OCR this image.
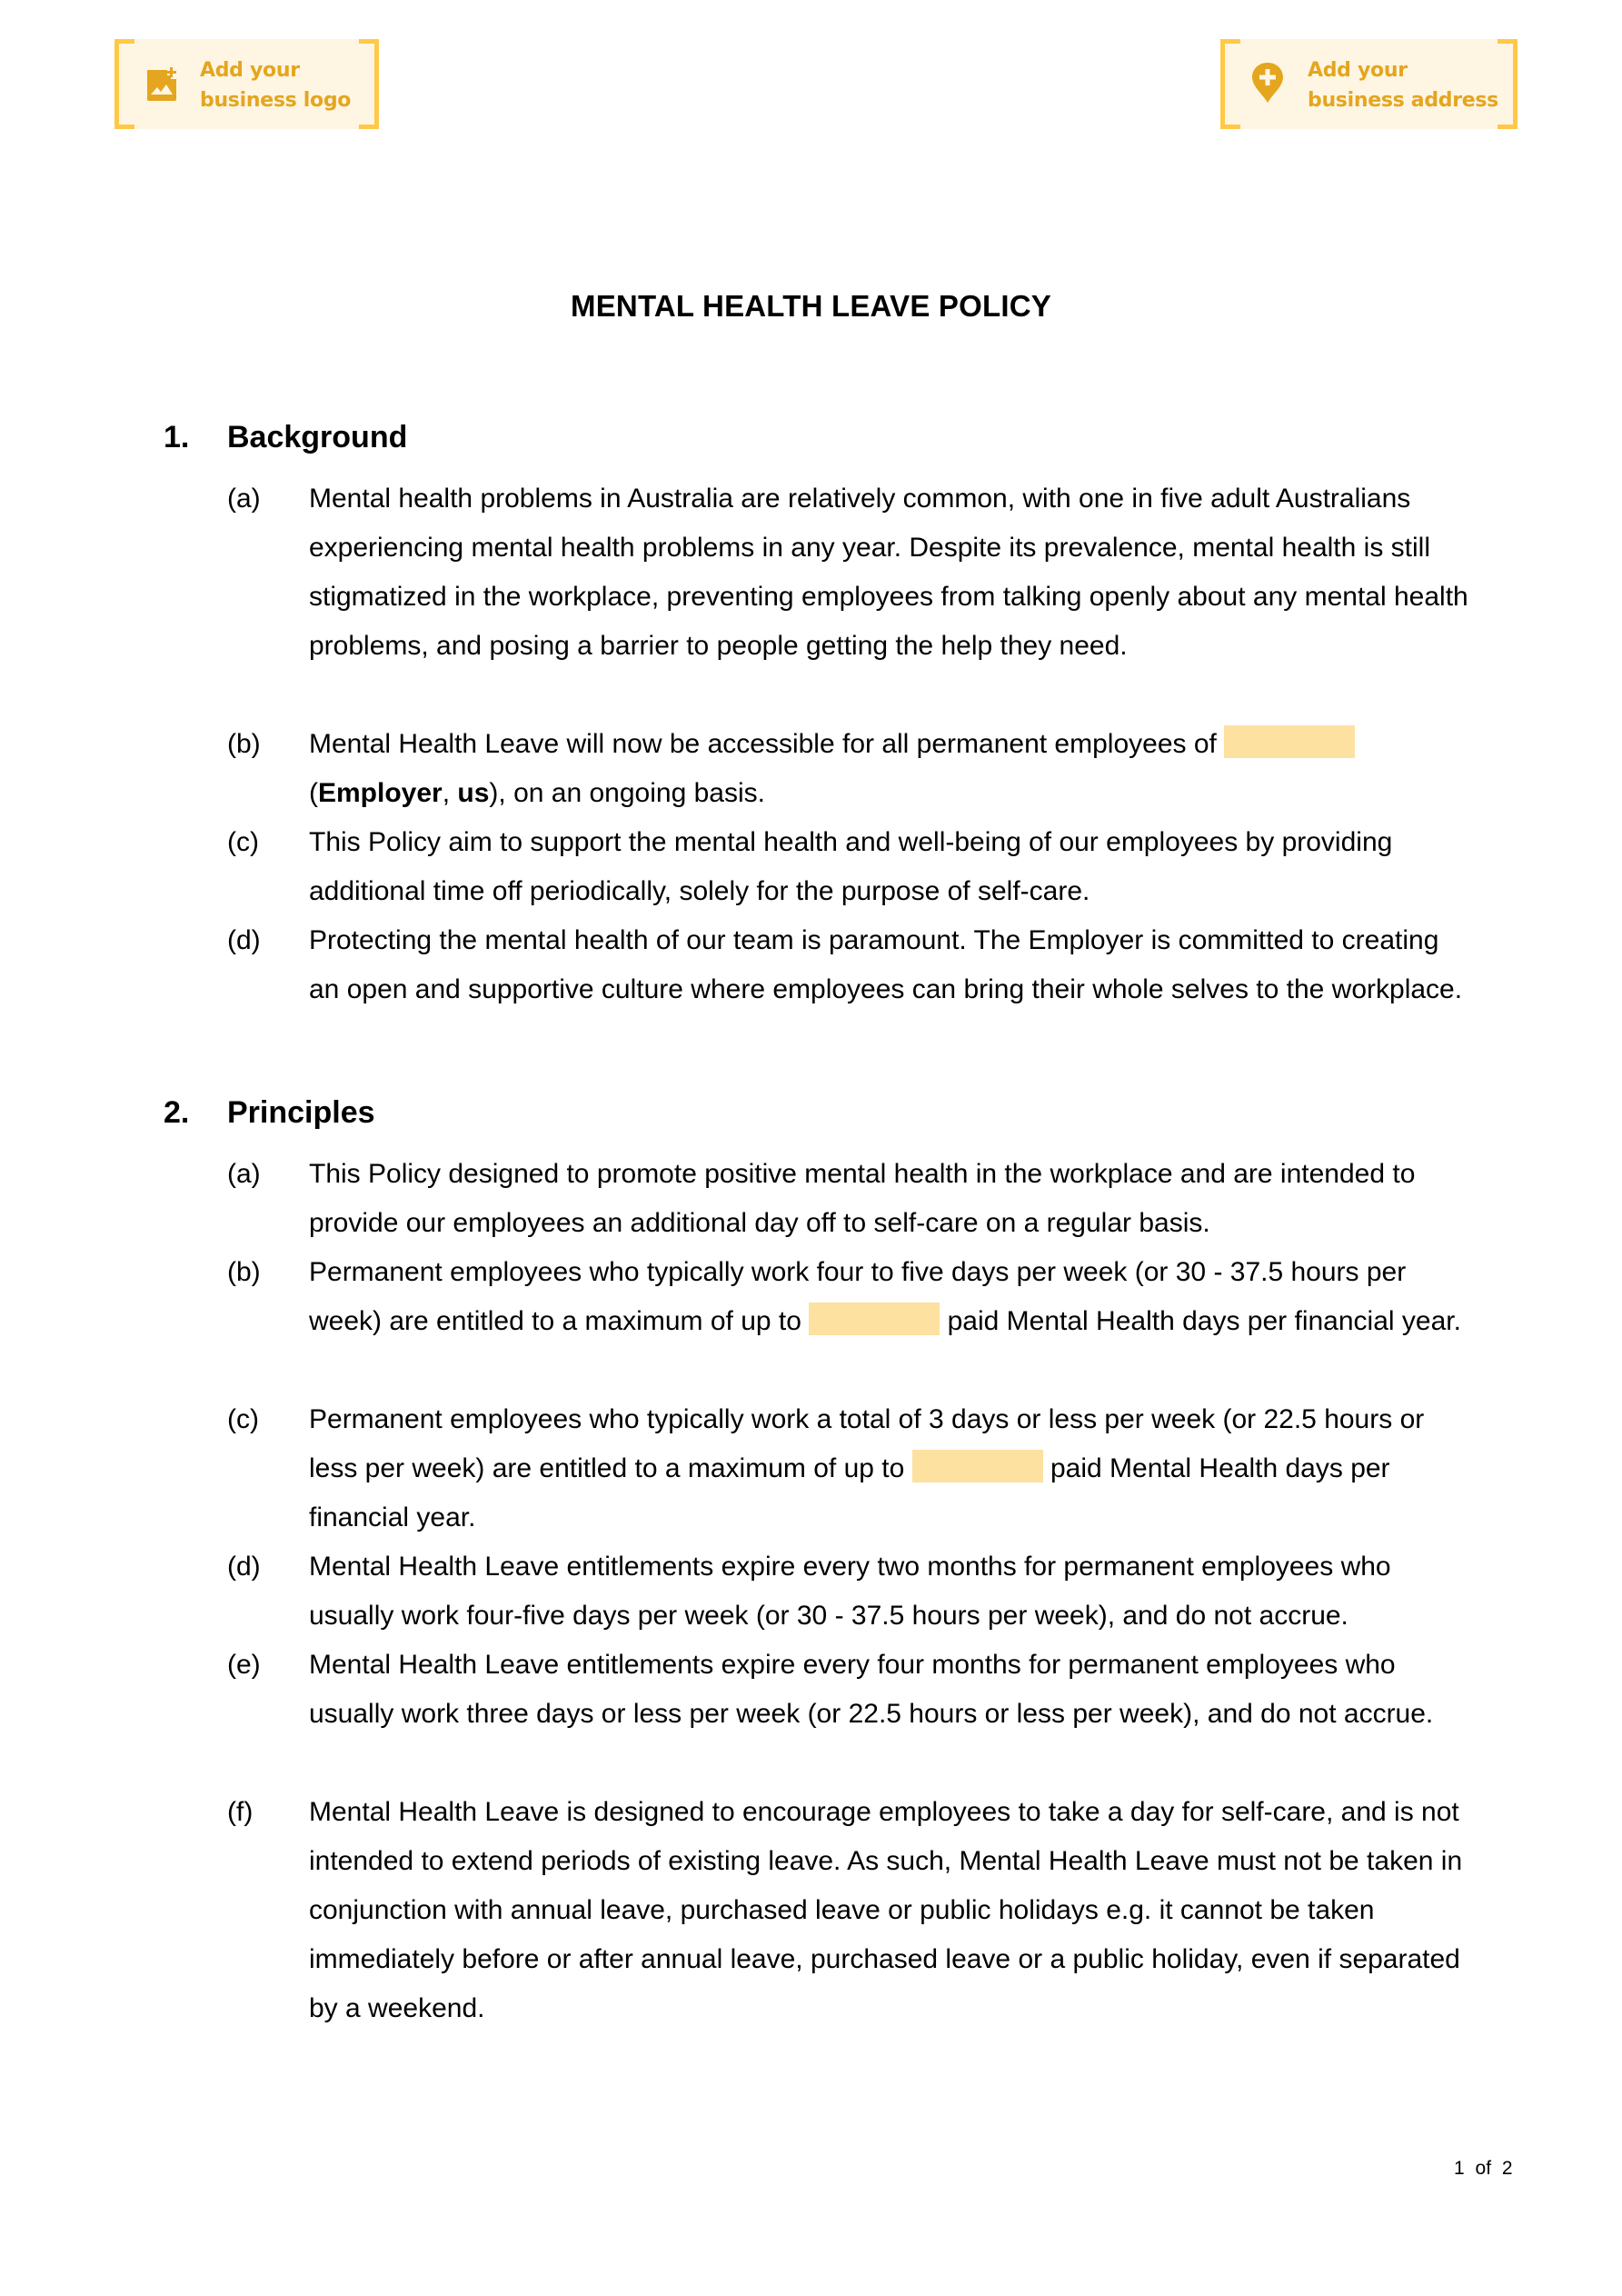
Add your
business logo
Add your
business address
MENTAL HEALTH LEAVE POLICY
1. Background
(a) Mental health problems in Australia are relatively common, with one in five adult Australians experiencing mental health problems in any year. Despite its prevalence, mental health is still stigmatized in the workplace, preventing employees from talking openly about any mental health problems, and posing a barrier to people getting the help they need.
(b) Mental Health Leave will now be accessible for all permanent employees of
(Employer, us), on an ongoing basis.
(c) This Policy aim to support the mental health and well-being of our employees by providing additional time off periodically, solely for the purpose of self-care.
(d) Protecting the mental health of our team is paramount. The Employer is committed to creating an open and supportive culture where employees can bring their whole selves to the workplace.
2. Principles
(a) This Policy designed to promote positive mental health in the workplace and are intended to provide our employees an additional day off to self-care on a regular basis.
(b) Permanent employees who typically work four to five days per week (or 30 - 37.5 hours per week) are entitled to a maximum of up to	paid Mental Health days per financial year.
(c) Permanent employees who typically work a total of 3 days or less per week (or 22.5 hours or less per week) are entitled to a maximum of up to	paid Mental Health days per financial year.
(d) Mental Health Leave entitlements expire every two months for permanent employees who usually work four-five days per week (or 30 - 37.5 hours per week), and do not accrue.
(e) Mental Health Leave entitlements expire every four months for permanent employees who usually work three days or less per week (or 22.5 hours or less per week), and do not accrue.
(f) Mental Health Leave is designed to encourage employees to take a day for self-care, and is not intended to extend periods of existing leave. As such, Mental Health Leave must not be taken in conjunction with annual leave, purchased leave or public holidays e.g. it cannot be taken immediately before or after annual leave, purchased leave or a public holiday, even if separated by a weekend.
1 of 2
